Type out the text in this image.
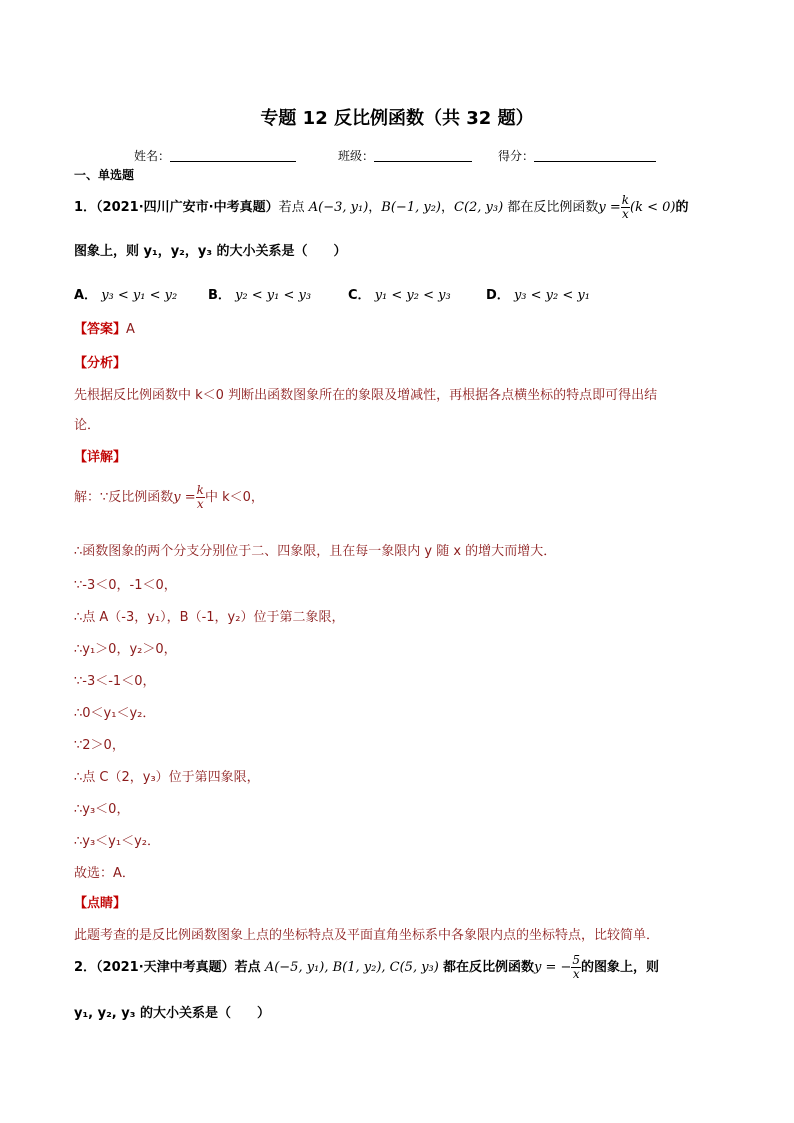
专题 12 反比例函数（共 32 题）
姓名：	班级：	得分：
一、单选题
1．（2021·四川广安市·中考真题）若点 A(−3, y₁)，B(−1, y₂)，C(2, y₃) 都在反比例函数$y = \frac{k}{x} (k < 0)$的
图象上，则 y₁，y₂，y₃ 的大小关系是（　　）
A． y₃ < y₁ < y₂ B． y₂ < y₁ < y₃	C． y₁ < y₂ < y₃	D． y₃ < y₂ < y₁
【答案】A
【分析】
先根据反比例函数中 k＜0 判断出函数图象所在的象限及增减性，再根据各点横坐标的特点即可得出结
论．
【详解】
解：∵反比例函数$y = \frac{k}{x}$ 中 k＜0，
∴函数图象的两个分支分别位于二、四象限，且在每一象限内 y 随 x 的增大而增大．
∵-3＜0，-1＜0，
∴点 A（-3，y₁），B（-1，y₂）位于第二象限，
∴y₁＞0，y₂＞0，
∵-3＜-1＜0，
∴0＜y₁＜y₂．
∵2＞0，
∴点 C（2，y₃）位于第四象限，
∴y₃＜0，
∴y₃＜y₁＜y₂．
故选：A．
【点睛】
此题考查的是反比例函数图象上点的坐标特点及平面直角坐标系中各象限内点的坐标特点，比较简单．
2．（2021·天津中考真题）若点 A(−5, y₁), B(1, y₂), C(5, y₃) 都在反比例函数y = − $\frac{5}{x}$ 的图象上，则
y₁, y₂, y₃ 的大小关系是（　　）
